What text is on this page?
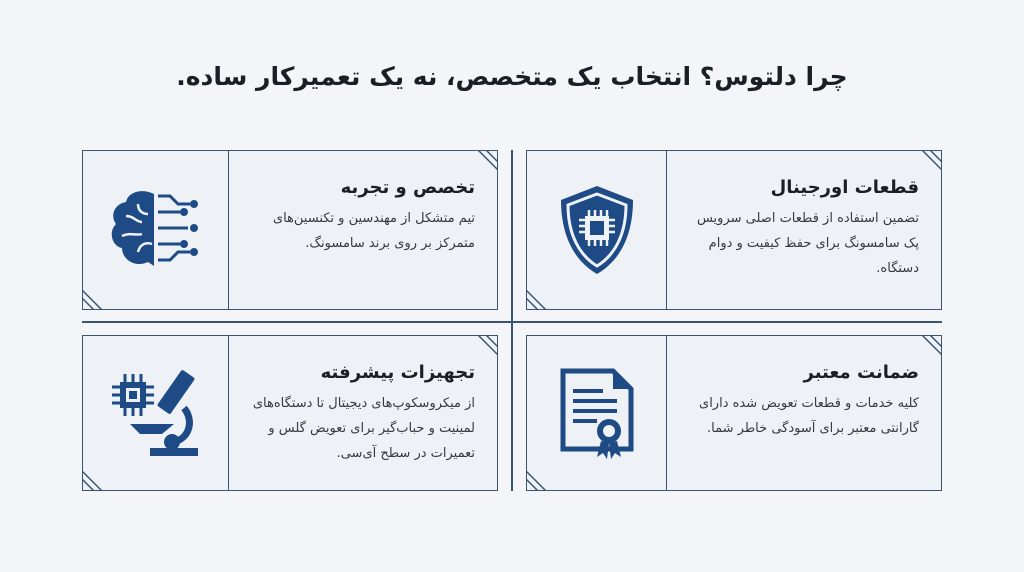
چرا دلتوس؟ انتخاب یک متخصص، نه یک تعمیرکار ساده.
قطعات اورجینال

تضمین استفاده از قطعات اصلی سرویس پک سامسونگ برای حفظ کیفیت و دوام دستگاه.

تخصص و تجربه

تیم متشکل از مهندسین و تکنسین‌های متمرکز بر روی برند سامسونگ.

ضمانت معتبر

کلیه خدمات و قطعات تعویض شده دارای گارانتی معتبر برای آسودگی خاطر شما.

تجهیزات پیشرفته

از میکروسکوپ‌های دیجیتال تا دستگاه‌های لمینیت و حباب‌گیر برای تعویض گلس و تعمیرات در سطح آی‌سی.
